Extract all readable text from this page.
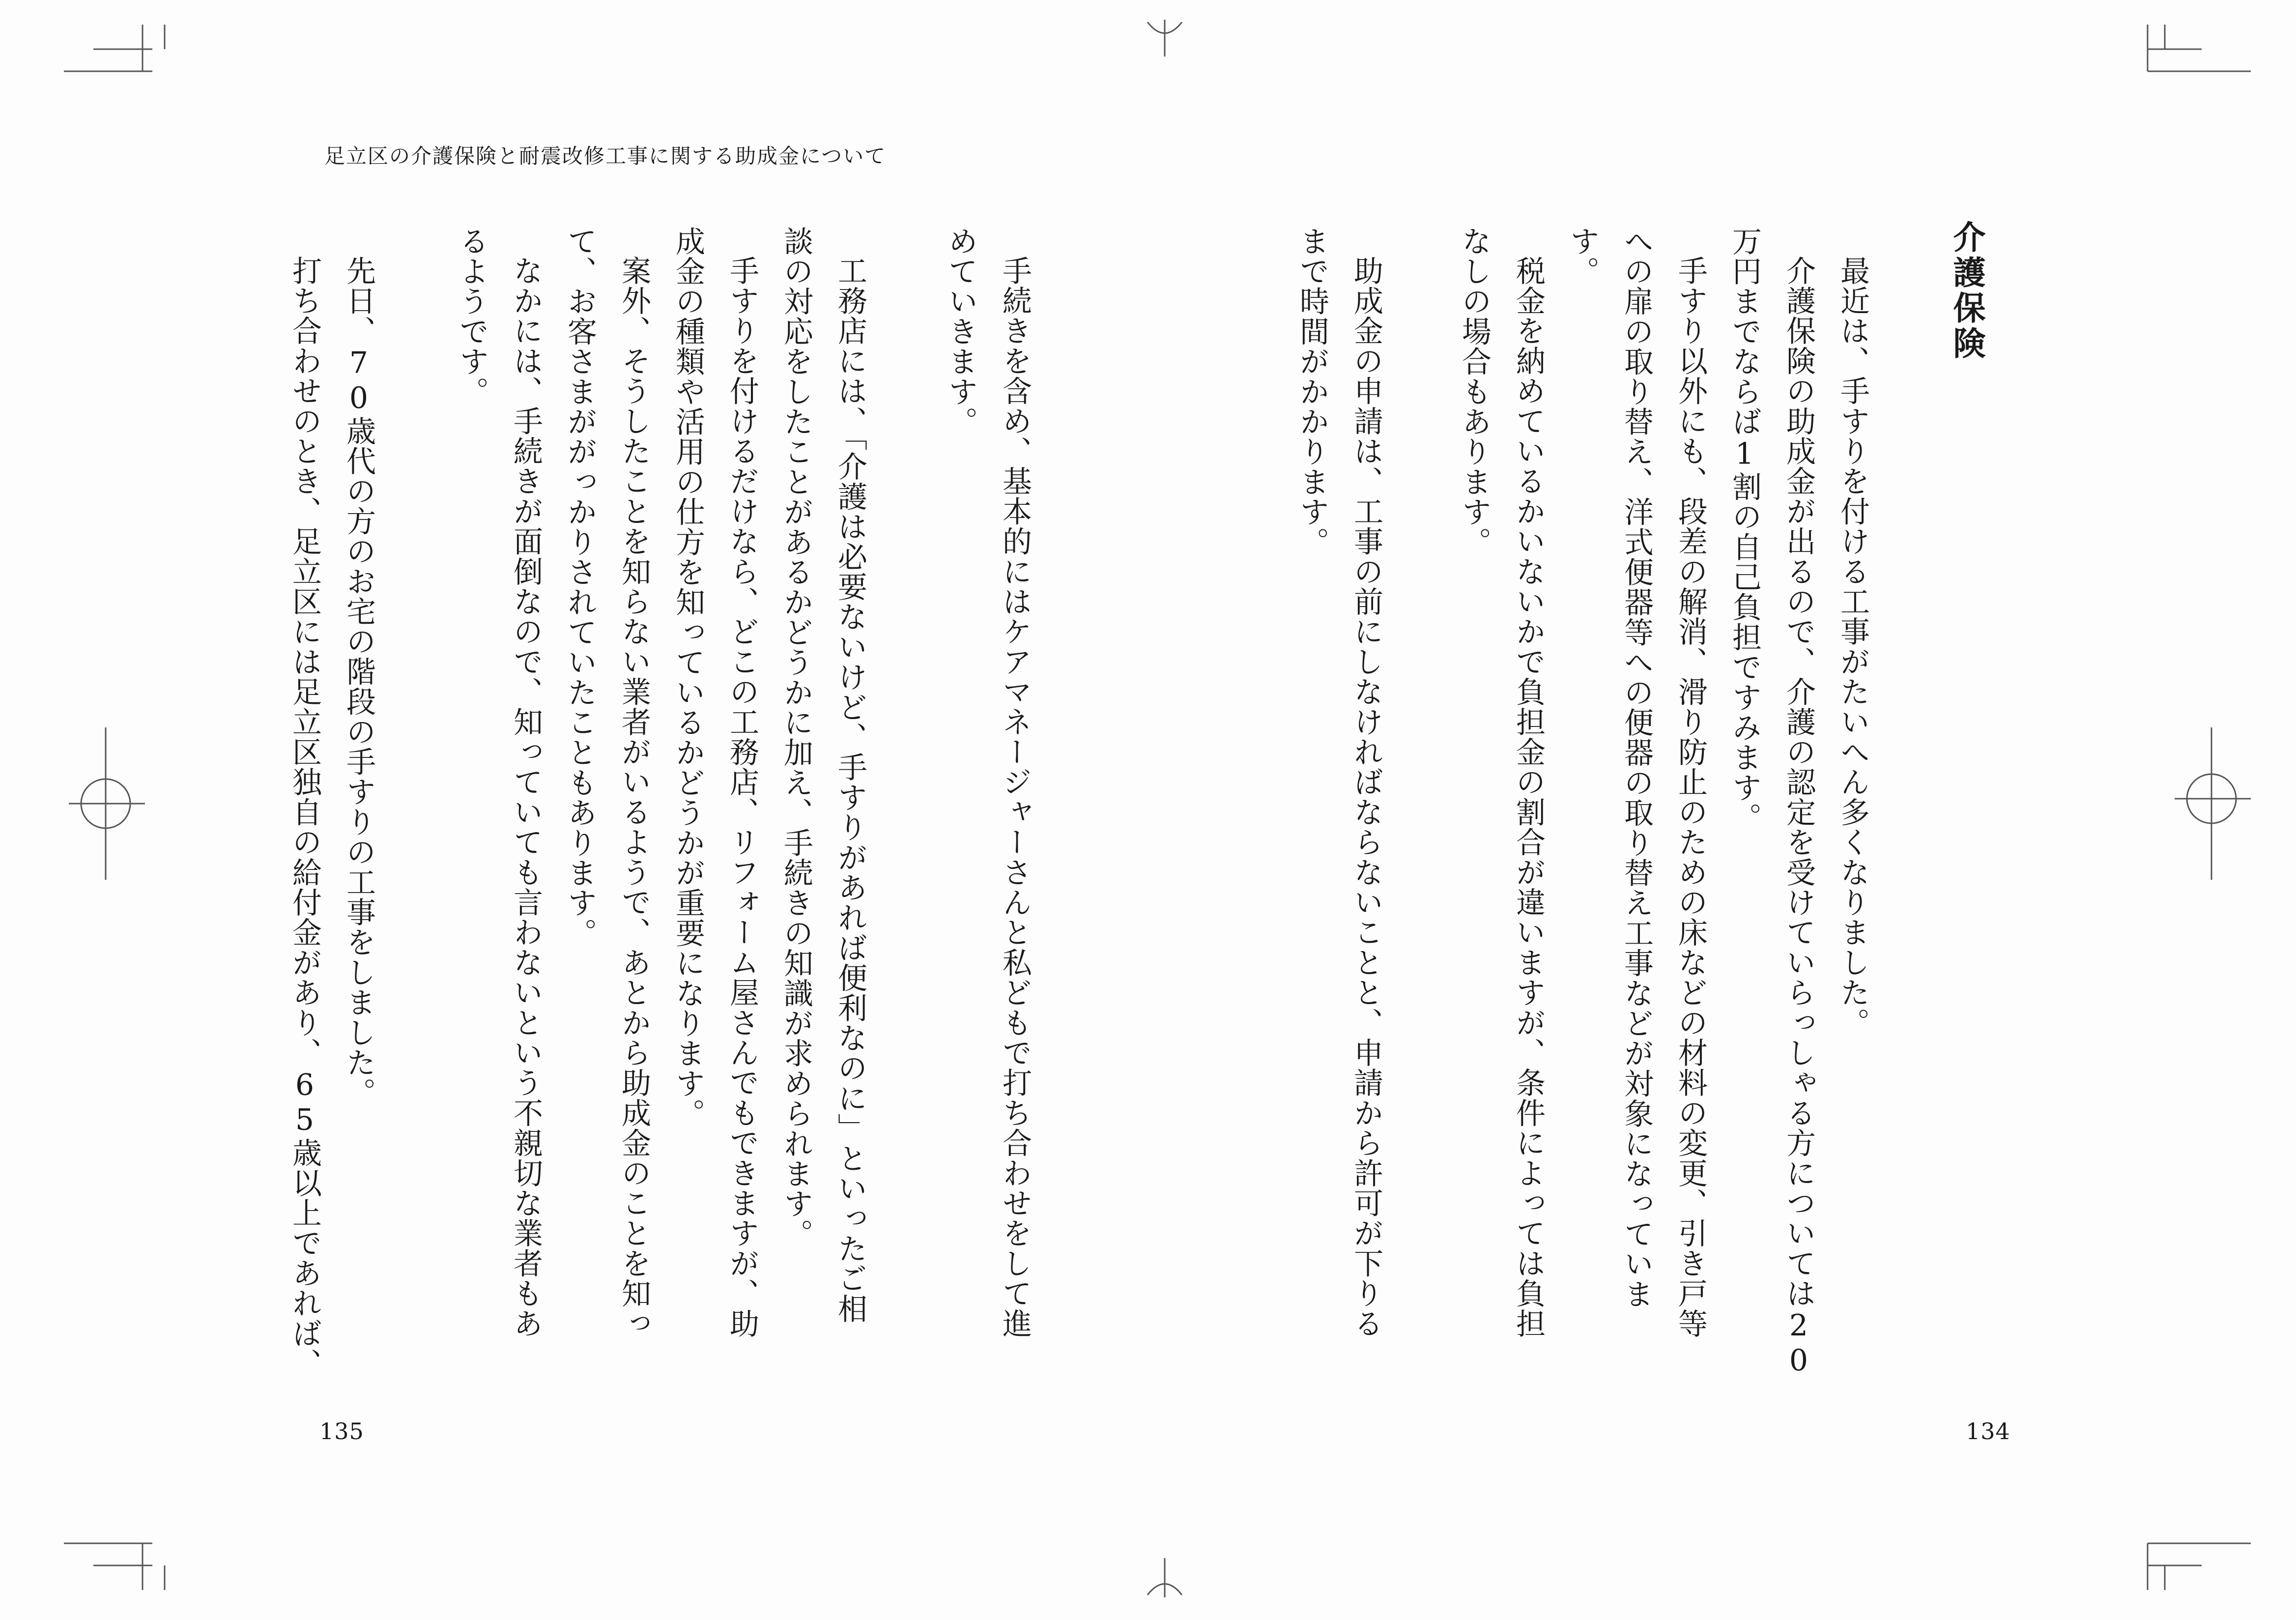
足立区の介護保険と耐震改修工事に関する助成金について
介護保険
最近は、手すりを付ける工事がたいへん多くなりました。
介護保険の助成金が出るので、介護の認定を受けていらっしゃる方については20
万円までならば1割の自己負担ですみます。
手すり以外にも、段差の解消、滑り防止のための床などの材料の変更、引き戸等
への扉の取り替え、洋式便器等への便器の取り替え工事などが対象になっていま
す。
税金を納めているかいないかで負担金の割合が違いますが、条件によっては負担
なしの場合もあります。
助成金の申請は、工事の前にしなければならないことと、申請から許可が下りる
まで時間がかかります。
134
手続きを含め、基本的にはケアマネージャーさんと私どもで打ち合わせをして進
めていきます。
工務店には、「介護は必要ないけど、手すりがあれば便利なのに」といったご相
談の対応をしたことがあるかどうかに加え、手続きの知識が求められます。
手すりを付けるだけなら、どこの工務店、リフォーム屋さんでもできますが、助
成金の種類や活用の仕方を知っているかどうかが重要になります。
案外、そうしたことを知らない業者がいるようで、あとから助成金のことを知っ
て、お客さまががっかりされていたこともあります。
なかには、手続きが面倒なので、知っていても言わないという不親切な業者もあ
るようです。
先日、70歳代の方のお宅の階段の手すりの工事をしました。
打ち合わせのとき、足立区には足立区独自の給付金があり、65歳以上であれば、
135
